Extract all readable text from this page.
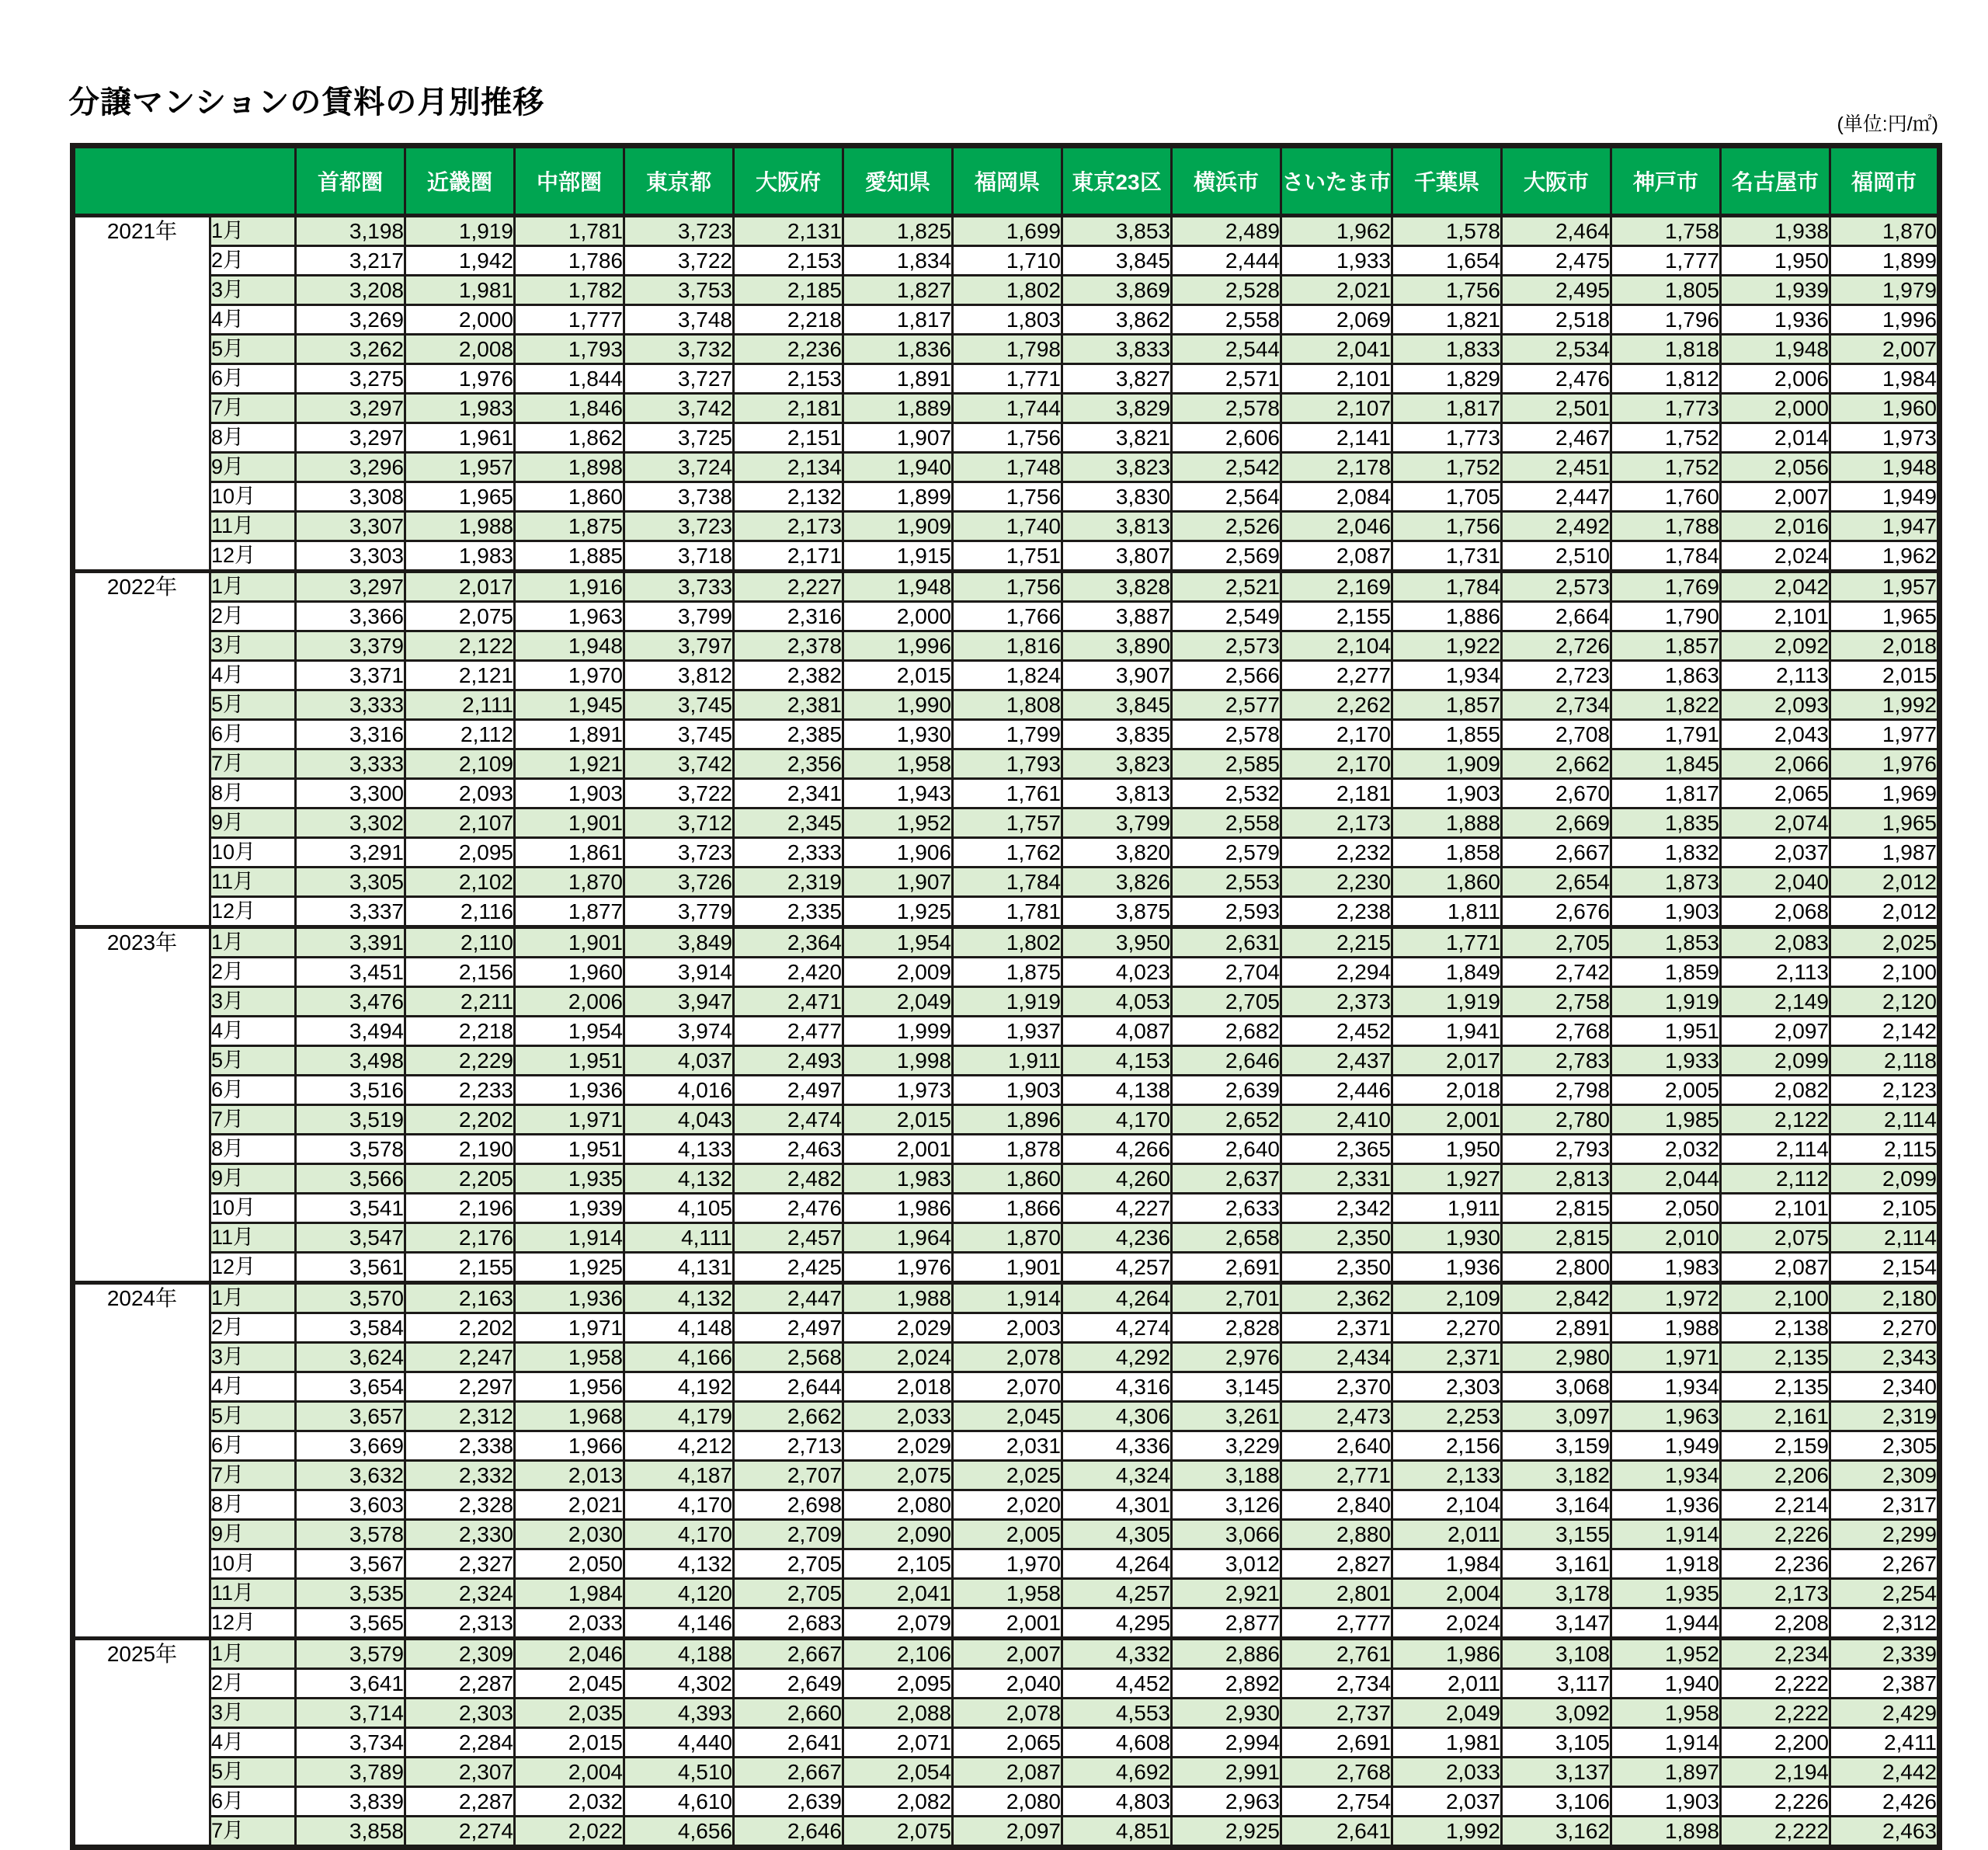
分譲マンションの賃料の月別推移
(単位:円/㎡)
		首都圏	近畿圏	中部圏	東京都	大阪府	愛知県	福岡県	東京23区	横浜市	さいたま市	千葉県	大阪市	神戸市	名古屋市	福岡市
2021年	1月	3,198	1,919	1,781	3,723	2,131	1,825	1,699	3,853	2,489	1,962	1,578	2,464	1,758	1,938	1,870
	2月	3,217	1,942	1,786	3,722	2,153	1,834	1,710	3,845	2,444	1,933	1,654	2,475	1,777	1,950	1,899
	3月	3,208	1,981	1,782	3,753	2,185	1,827	1,802	3,869	2,528	2,021	1,756	2,495	1,805	1,939	1,979
	4月	3,269	2,000	1,777	3,748	2,218	1,817	1,803	3,862	2,558	2,069	1,821	2,518	1,796	1,936	1,996
	5月	3,262	2,008	1,793	3,732	2,236	1,836	1,798	3,833	2,544	2,041	1,833	2,534	1,818	1,948	2,007
	6月	3,275	1,976	1,844	3,727	2,153	1,891	1,771	3,827	2,571	2,101	1,829	2,476	1,812	2,006	1,984
	7月	3,297	1,983	1,846	3,742	2,181	1,889	1,744	3,829	2,578	2,107	1,817	2,501	1,773	2,000	1,960
	8月	3,297	1,961	1,862	3,725	2,151	1,907	1,756	3,821	2,606	2,141	1,773	2,467	1,752	2,014	1,973
	9月	3,296	1,957	1,898	3,724	2,134	1,940	1,748	3,823	2,542	2,178	1,752	2,451	1,752	2,056	1,948
	10月	3,308	1,965	1,860	3,738	2,132	1,899	1,756	3,830	2,564	2,084	1,705	2,447	1,760	2,007	1,949
	11月	3,307	1,988	1,875	3,723	2,173	1,909	1,740	3,813	2,526	2,046	1,756	2,492	1,788	2,016	1,947
	12月	3,303	1,983	1,885	3,718	2,171	1,915	1,751	3,807	2,569	2,087	1,731	2,510	1,784	2,024	1,962
2022年	1月	3,297	2,017	1,916	3,733	2,227	1,948	1,756	3,828	2,521	2,169	1,784	2,573	1,769	2,042	1,957
	2月	3,366	2,075	1,963	3,799	2,316	2,000	1,766	3,887	2,549	2,155	1,886	2,664	1,790	2,101	1,965
	3月	3,379	2,122	1,948	3,797	2,378	1,996	1,816	3,890	2,573	2,104	1,922	2,726	1,857	2,092	2,018
	4月	3,371	2,121	1,970	3,812	2,382	2,015	1,824	3,907	2,566	2,277	1,934	2,723	1,863	2,113	2,015
	5月	3,333	2,111	1,945	3,745	2,381	1,990	1,808	3,845	2,577	2,262	1,857	2,734	1,822	2,093	1,992
	6月	3,316	2,112	1,891	3,745	2,385	1,930	1,799	3,835	2,578	2,170	1,855	2,708	1,791	2,043	1,977
	7月	3,333	2,109	1,921	3,742	2,356	1,958	1,793	3,823	2,585	2,170	1,909	2,662	1,845	2,066	1,976
	8月	3,300	2,093	1,903	3,722	2,341	1,943	1,761	3,813	2,532	2,181	1,903	2,670	1,817	2,065	1,969
	9月	3,302	2,107	1,901	3,712	2,345	1,952	1,757	3,799	2,558	2,173	1,888	2,669	1,835	2,074	1,965
	10月	3,291	2,095	1,861	3,723	2,333	1,906	1,762	3,820	2,579	2,232	1,858	2,667	1,832	2,037	1,987
	11月	3,305	2,102	1,870	3,726	2,319	1,907	1,784	3,826	2,553	2,230	1,860	2,654	1,873	2,040	2,012
	12月	3,337	2,116	1,877	3,779	2,335	1,925	1,781	3,875	2,593	2,238	1,811	2,676	1,903	2,068	2,012
2023年	1月	3,391	2,110	1,901	3,849	2,364	1,954	1,802	3,950	2,631	2,215	1,771	2,705	1,853	2,083	2,025
	2月	3,451	2,156	1,960	3,914	2,420	2,009	1,875	4,023	2,704	2,294	1,849	2,742	1,859	2,113	2,100
	3月	3,476	2,211	2,006	3,947	2,471	2,049	1,919	4,053	2,705	2,373	1,919	2,758	1,919	2,149	2,120
	4月	3,494	2,218	1,954	3,974	2,477	1,999	1,937	4,087	2,682	2,452	1,941	2,768	1,951	2,097	2,142
	5月	3,498	2,229	1,951	4,037	2,493	1,998	1,911	4,153	2,646	2,437	2,017	2,783	1,933	2,099	2,118
	6月	3,516	2,233	1,936	4,016	2,497	1,973	1,903	4,138	2,639	2,446	2,018	2,798	2,005	2,082	2,123
	7月	3,519	2,202	1,971	4,043	2,474	2,015	1,896	4,170	2,652	2,410	2,001	2,780	1,985	2,122	2,114
	8月	3,578	2,190	1,951	4,133	2,463	2,001	1,878	4,266	2,640	2,365	1,950	2,793	2,032	2,114	2,115
	9月	3,566	2,205	1,935	4,132	2,482	1,983	1,860	4,260	2,637	2,331	1,927	2,813	2,044	2,112	2,099
	10月	3,541	2,196	1,939	4,105	2,476	1,986	1,866	4,227	2,633	2,342	1,911	2,815	2,050	2,101	2,105
	11月	3,547	2,176	1,914	4,111	2,457	1,964	1,870	4,236	2,658	2,350	1,930	2,815	2,010	2,075	2,114
	12月	3,561	2,155	1,925	4,131	2,425	1,976	1,901	4,257	2,691	2,350	1,936	2,800	1,983	2,087	2,154
2024年	1月	3,570	2,163	1,936	4,132	2,447	1,988	1,914	4,264	2,701	2,362	2,109	2,842	1,972	2,100	2,180
	2月	3,584	2,202	1,971	4,148	2,497	2,029	2,003	4,274	2,828	2,371	2,270	2,891	1,988	2,138	2,270
	3月	3,624	2,247	1,958	4,166	2,568	2,024	2,078	4,292	2,976	2,434	2,371	2,980	1,971	2,135	2,343
	4月	3,654	2,297	1,956	4,192	2,644	2,018	2,070	4,316	3,145	2,370	2,303	3,068	1,934	2,135	2,340
	5月	3,657	2,312	1,968	4,179	2,662	2,033	2,045	4,306	3,261	2,473	2,253	3,097	1,963	2,161	2,319
	6月	3,669	2,338	1,966	4,212	2,713	2,029	2,031	4,336	3,229	2,640	2,156	3,159	1,949	2,159	2,305
	7月	3,632	2,332	2,013	4,187	2,707	2,075	2,025	4,324	3,188	2,771	2,133	3,182	1,934	2,206	2,309
	8月	3,603	2,328	2,021	4,170	2,698	2,080	2,020	4,301	3,126	2,840	2,104	3,164	1,936	2,214	2,317
	9月	3,578	2,330	2,030	4,170	2,709	2,090	2,005	4,305	3,066	2,880	2,011	3,155	1,914	2,226	2,299
	10月	3,567	2,327	2,050	4,132	2,705	2,105	1,970	4,264	3,012	2,827	1,984	3,161	1,918	2,236	2,267
	11月	3,535	2,324	1,984	4,120	2,705	2,041	1,958	4,257	2,921	2,801	2,004	3,178	1,935	2,173	2,254
	12月	3,565	2,313	2,033	4,146	2,683	2,079	2,001	4,295	2,877	2,777	2,024	3,147	1,944	2,208	2,312
2025年	1月	3,579	2,309	2,046	4,188	2,667	2,106	2,007	4,332	2,886	2,761	1,986	3,108	1,952	2,234	2,339
	2月	3,641	2,287	2,045	4,302	2,649	2,095	2,040	4,452	2,892	2,734	2,011	3,117	1,940	2,222	2,387
	3月	3,714	2,303	2,035	4,393	2,660	2,088	2,078	4,553	2,930	2,737	2,049	3,092	1,958	2,222	2,429
	4月	3,734	2,284	2,015	4,440	2,641	2,071	2,065	4,608	2,994	2,691	1,981	3,105	1,914	2,200	2,411
	5月	3,789	2,307	2,004	4,510	2,667	2,054	2,087	4,692	2,991	2,768	2,033	3,137	1,897	2,194	2,442
	6月	3,839	2,287	2,032	4,610	2,639	2,082	2,080	4,803	2,963	2,754	2,037	3,106	1,903	2,226	2,426
	7月	3,858	2,274	2,022	4,656	2,646	2,075	2,097	4,851	2,925	2,641	1,992	3,162	1,898	2,222	2,463
